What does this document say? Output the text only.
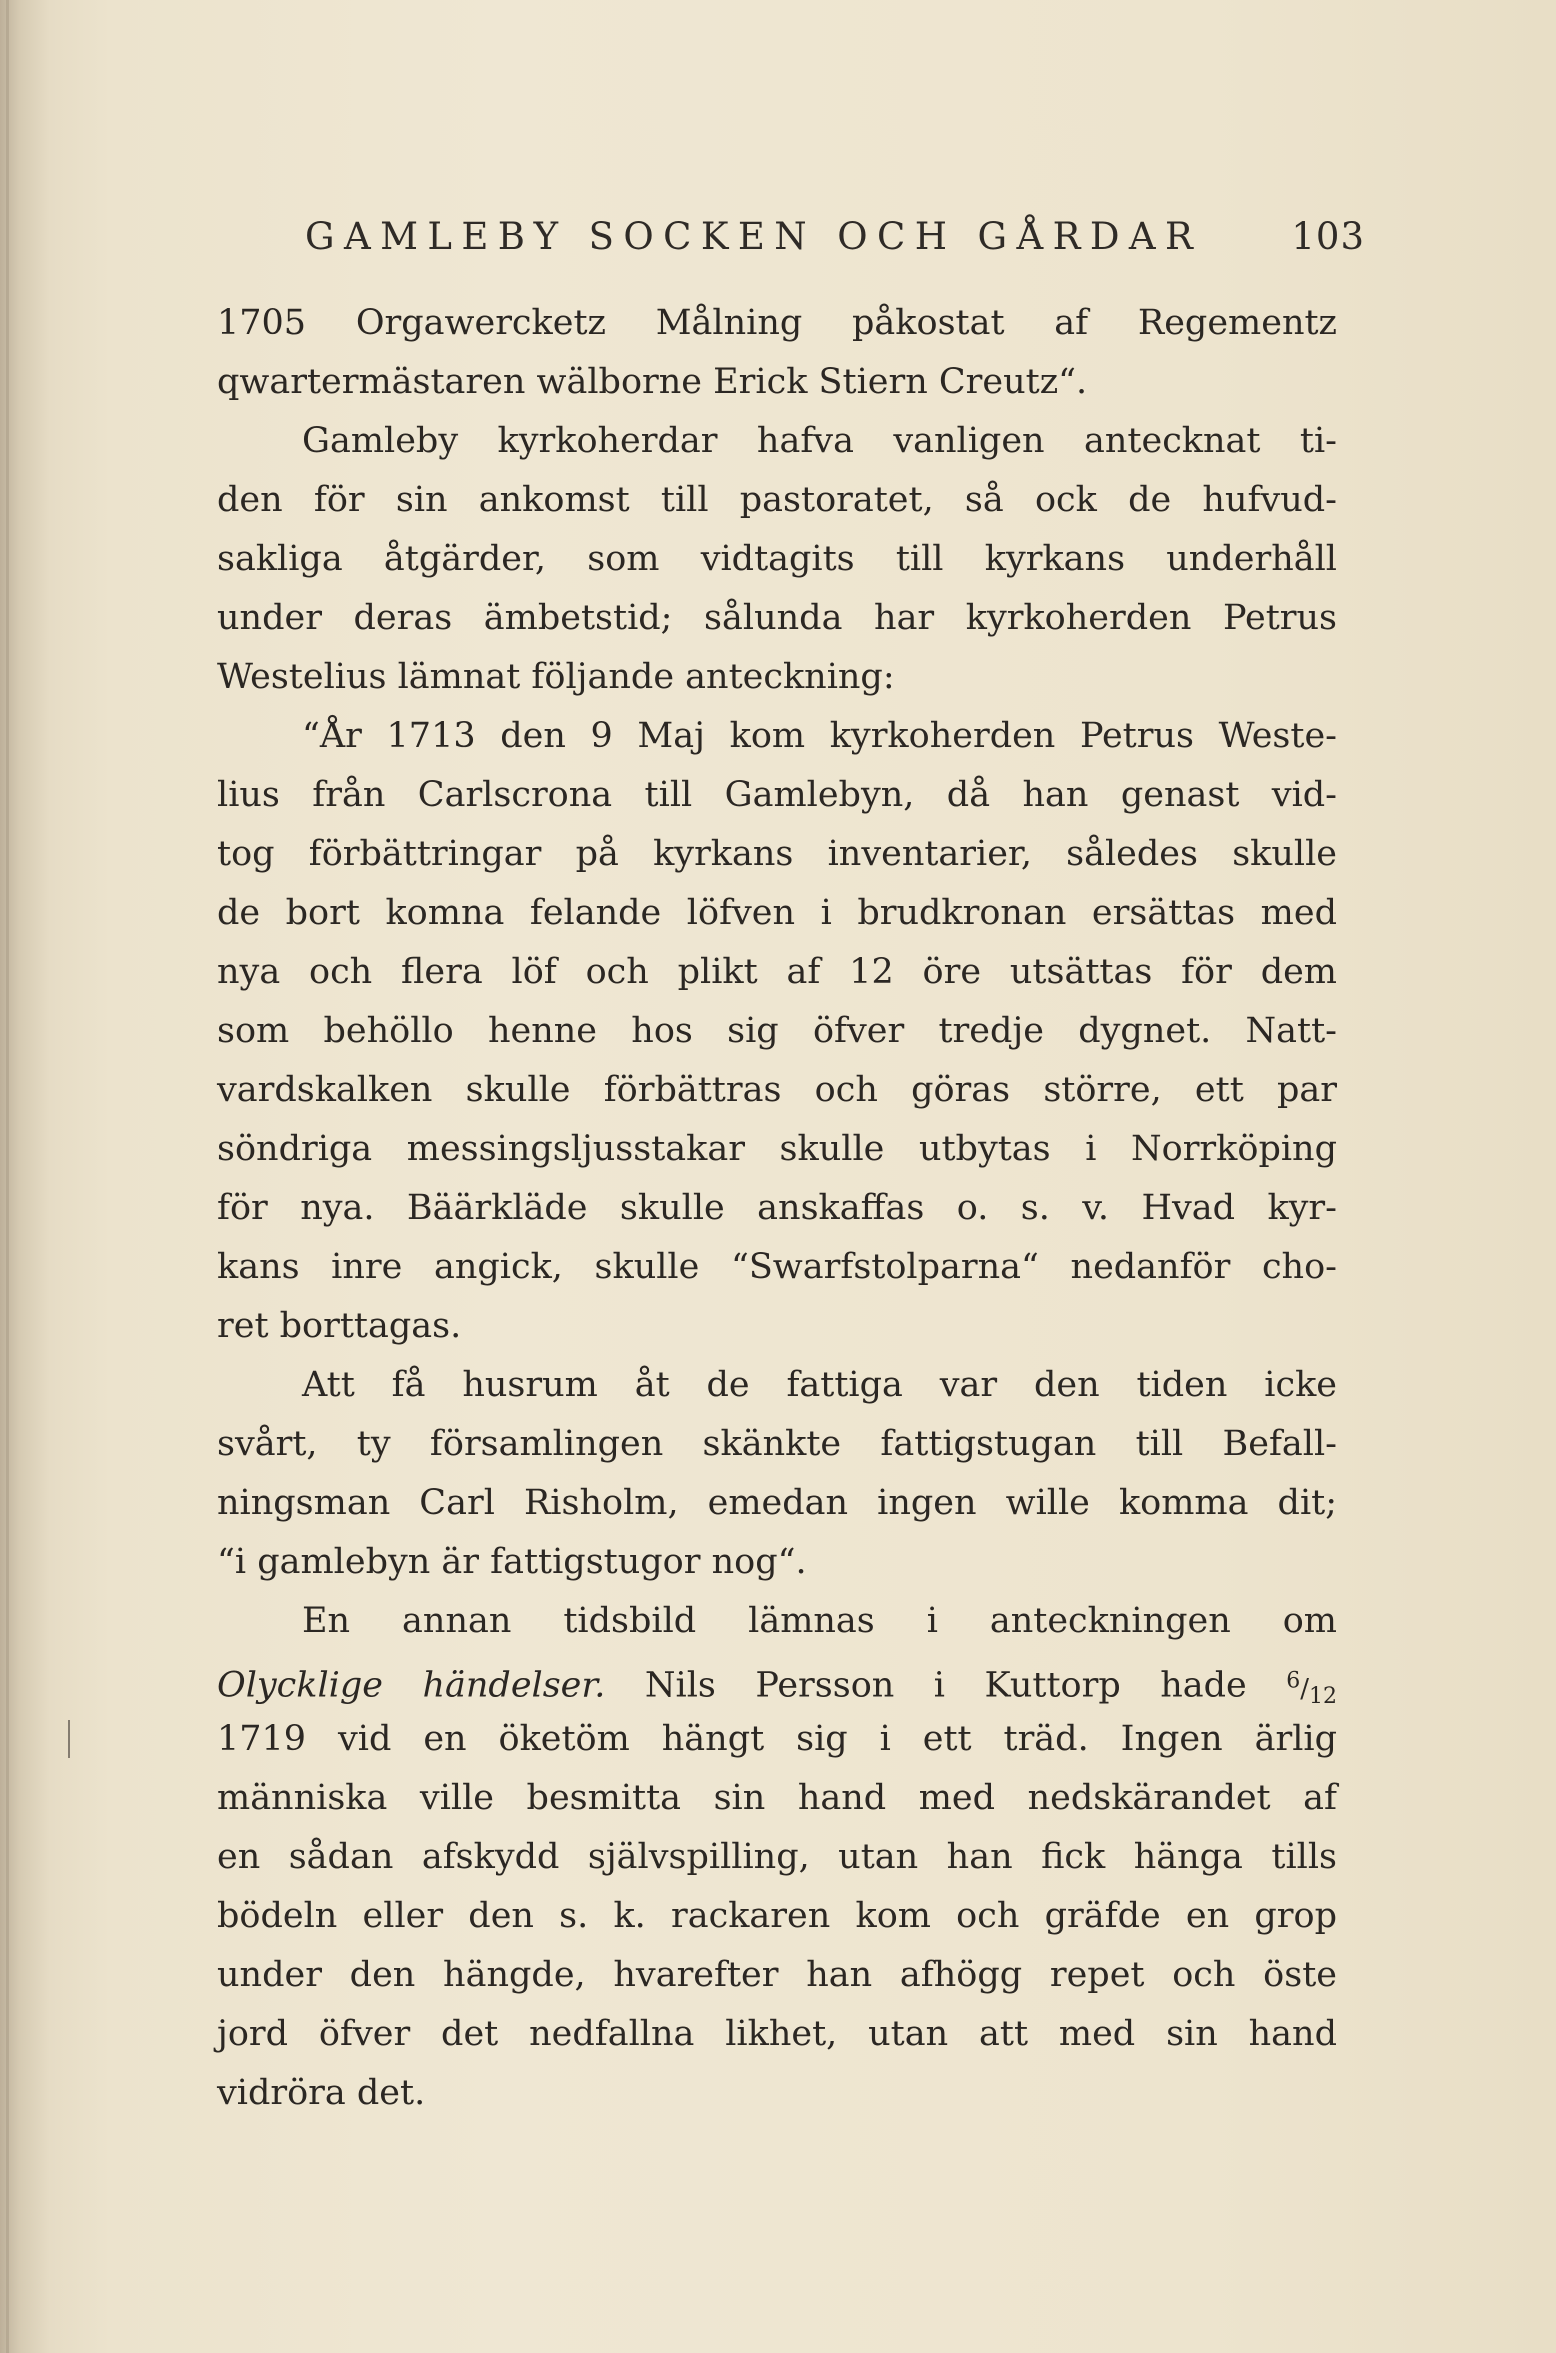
GAMLEBY SOCKEN OCH GÅRDAR 103
1705 Orgawercketz Målning påkostat af Regementz
qwartermästaren wälborne Erick Stiern Creutz“.
Gamleby kyrkoherdar hafva vanligen antecknat ti-
den för sin ankomst till pastoratet, så ock de hufvud-
sakliga åtgärder, som vidtagits till kyrkans underhåll
under deras ämbetstid; sålunda har kyrkoherden Petrus
Westelius lämnat följande anteckning:
“År 1713 den 9 Maj kom kyrkoherden Petrus Weste-
lius från Carlscrona till Gamlebyn, då han genast vid-
tog förbättringar på kyrkans inventarier, således skulle
de bort komna felande löfven i brudkronan ersättas med
nya och flera löf och plikt af 12 öre utsättas för dem
som behöllo henne hos sig öfver tredje dygnet. Natt-
vardskalken skulle förbättras och göras större, ett par
söndriga messingsljusstakar skulle utbytas i Norrköping
för nya. Bäärkläde skulle anskaffas o. s. v. Hvad kyr-
kans inre angick, skulle “Swarfstolparna“ nedanför cho-
ret borttagas.
Att få husrum åt de fattiga var den tiden icke
svårt, ty församlingen skänkte fattigstugan till Befall-
ningsman Carl Risholm, emedan ingen wille komma dit;
“i gamlebyn är fattigstugor nog“.
En annan tidsbild lämnas i anteckningen om
Olycklige händelser. Nils Persson i Kuttorp hade $^6/_{12}$
1719 vid en öketöm hängt sig i ett träd. Ingen ärlig
människa ville besmitta sin hand med nedskärandet af
en sådan afskydd självspilling, utan han fick hänga tills
bödeln eller den s. k. rackaren kom och gräfde en grop
under den hängde, hvarefter han afhögg repet och öste
jord öfver det nedfallna likhet, utan att med sin hand
vidröra det.
